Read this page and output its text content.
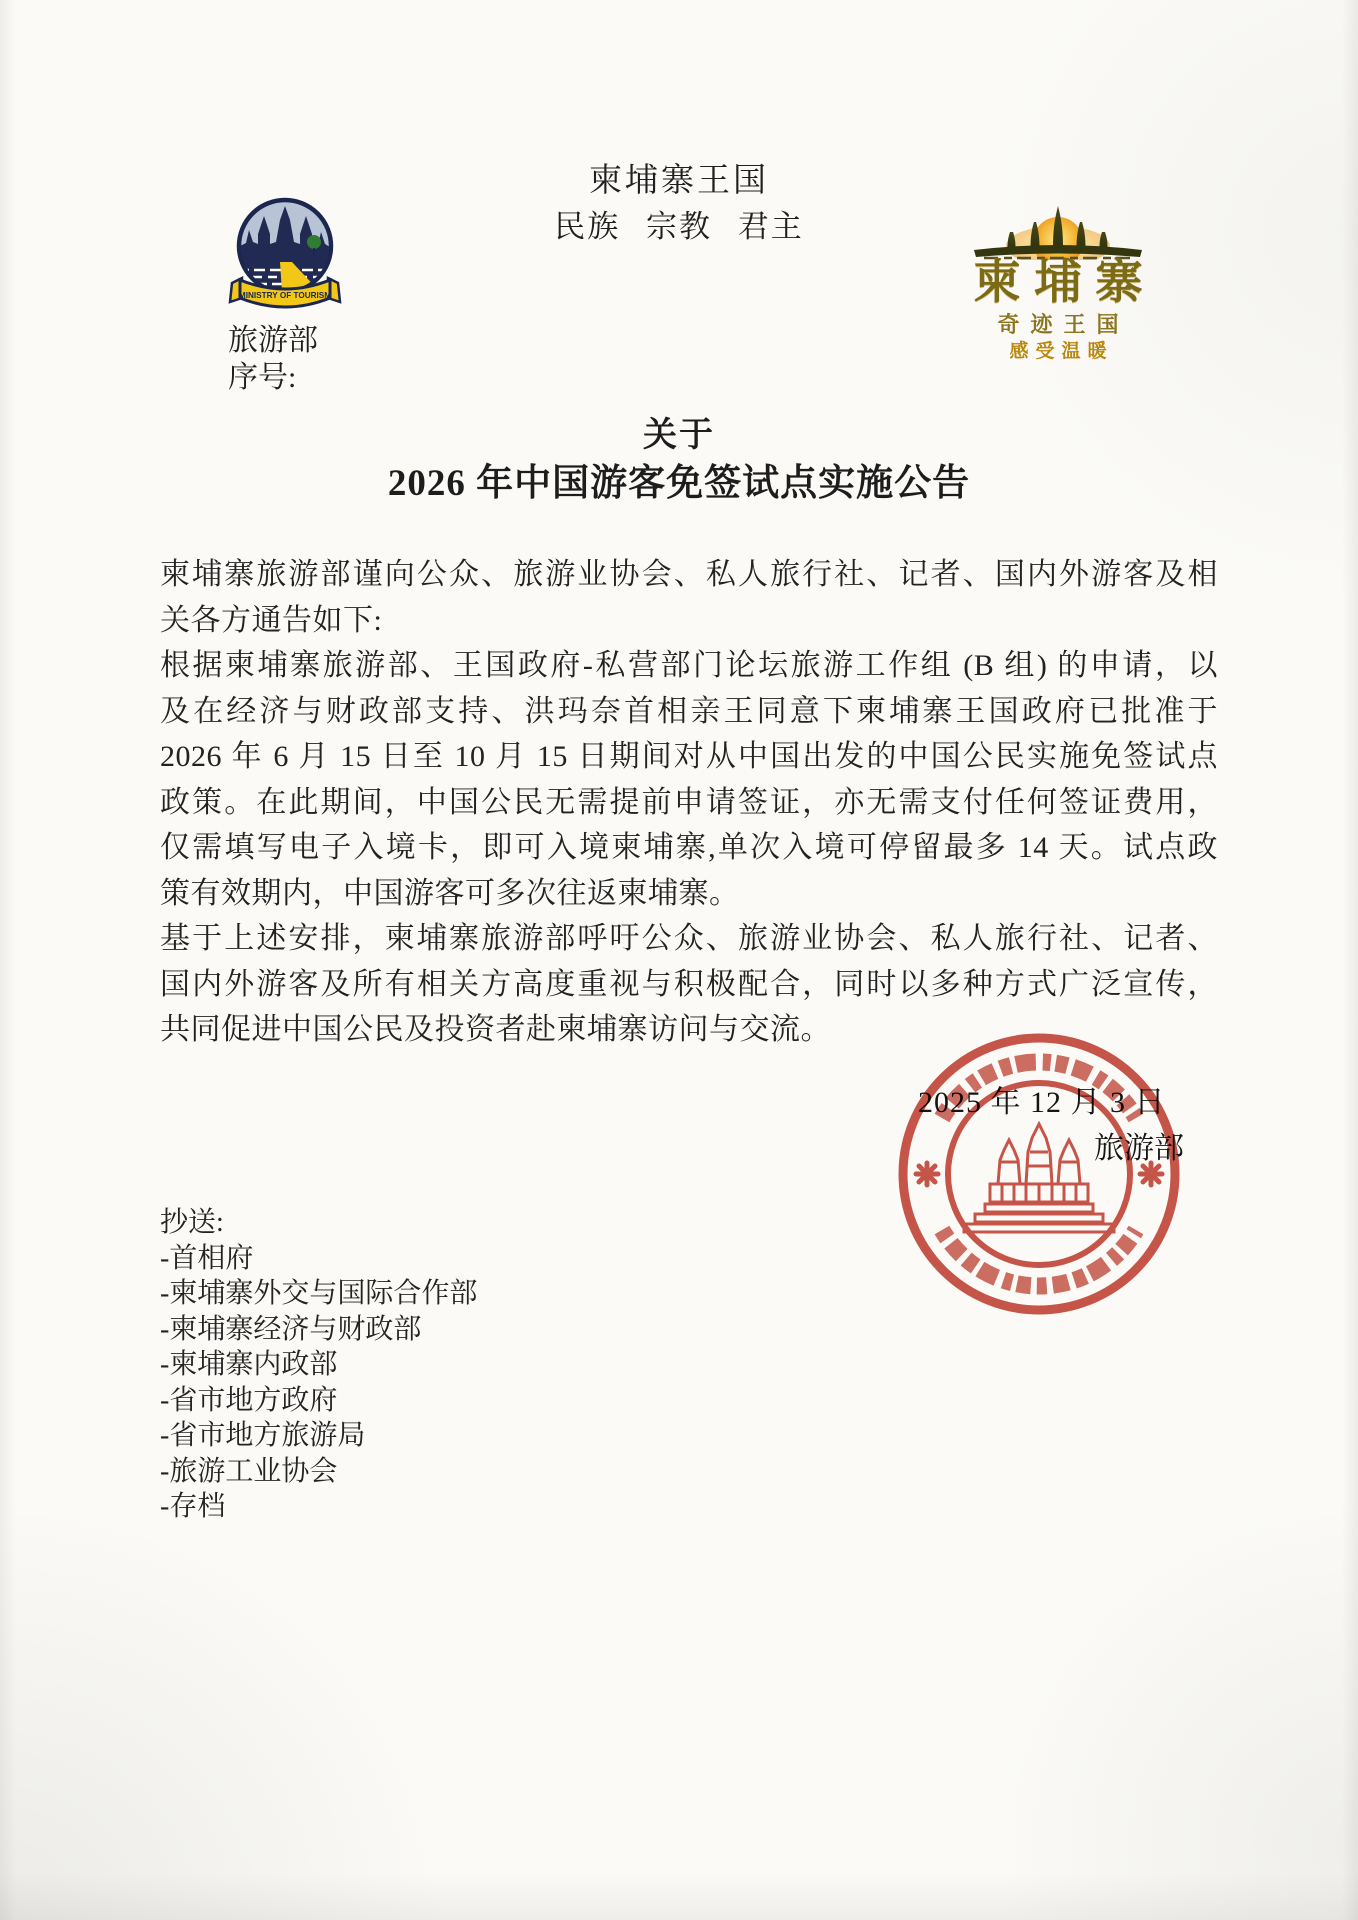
柬埔寨王国
民族 宗教 君主
MINISTRY OF TOURISM
旅游部
序号:
柬埔寨
奇迹王国
感受温暖
关于
2026 年中国游客免签试点实施公告
柬埔寨旅游部谨向公众、旅游业协会、私人旅行社、记者、国内外游客及相
关各方通告如下:
根据柬埔寨旅游部、王国政府-私营部门论坛旅游工作组 (B 组) 的申请，以
及在经济与财政部支持、洪玛奈首相亲王同意下柬埔寨王国政府已批准于
2026 年 6 月 15 日至 10 月 15 日期间对从中国出发的中国公民实施免签试点
政策。在此期间，中国公民无需提前申请签证，亦无需支付任何签证费用，
仅需填写电子入境卡，即可入境柬埔寨,单次入境可停留最多 14 天。试点政
策有效期内，中国游客可多次往返柬埔寨。
基于上述安排，柬埔寨旅游部呼吁公众、旅游业协会、私人旅行社、记者、
国内外游客及所有相关方高度重视与积极配合，同时以多种方式广泛宣传，
共同促进中国公民及投资者赴柬埔寨访问与交流。
2025 年 12 月 3 日
旅游部
抄送:
-首相府
-柬埔寨外交与国际合作部
-柬埔寨经济与财政部
-柬埔寨内政部
-省市地方政府
-省市地方旅游局
-旅游工业协会
-存档
